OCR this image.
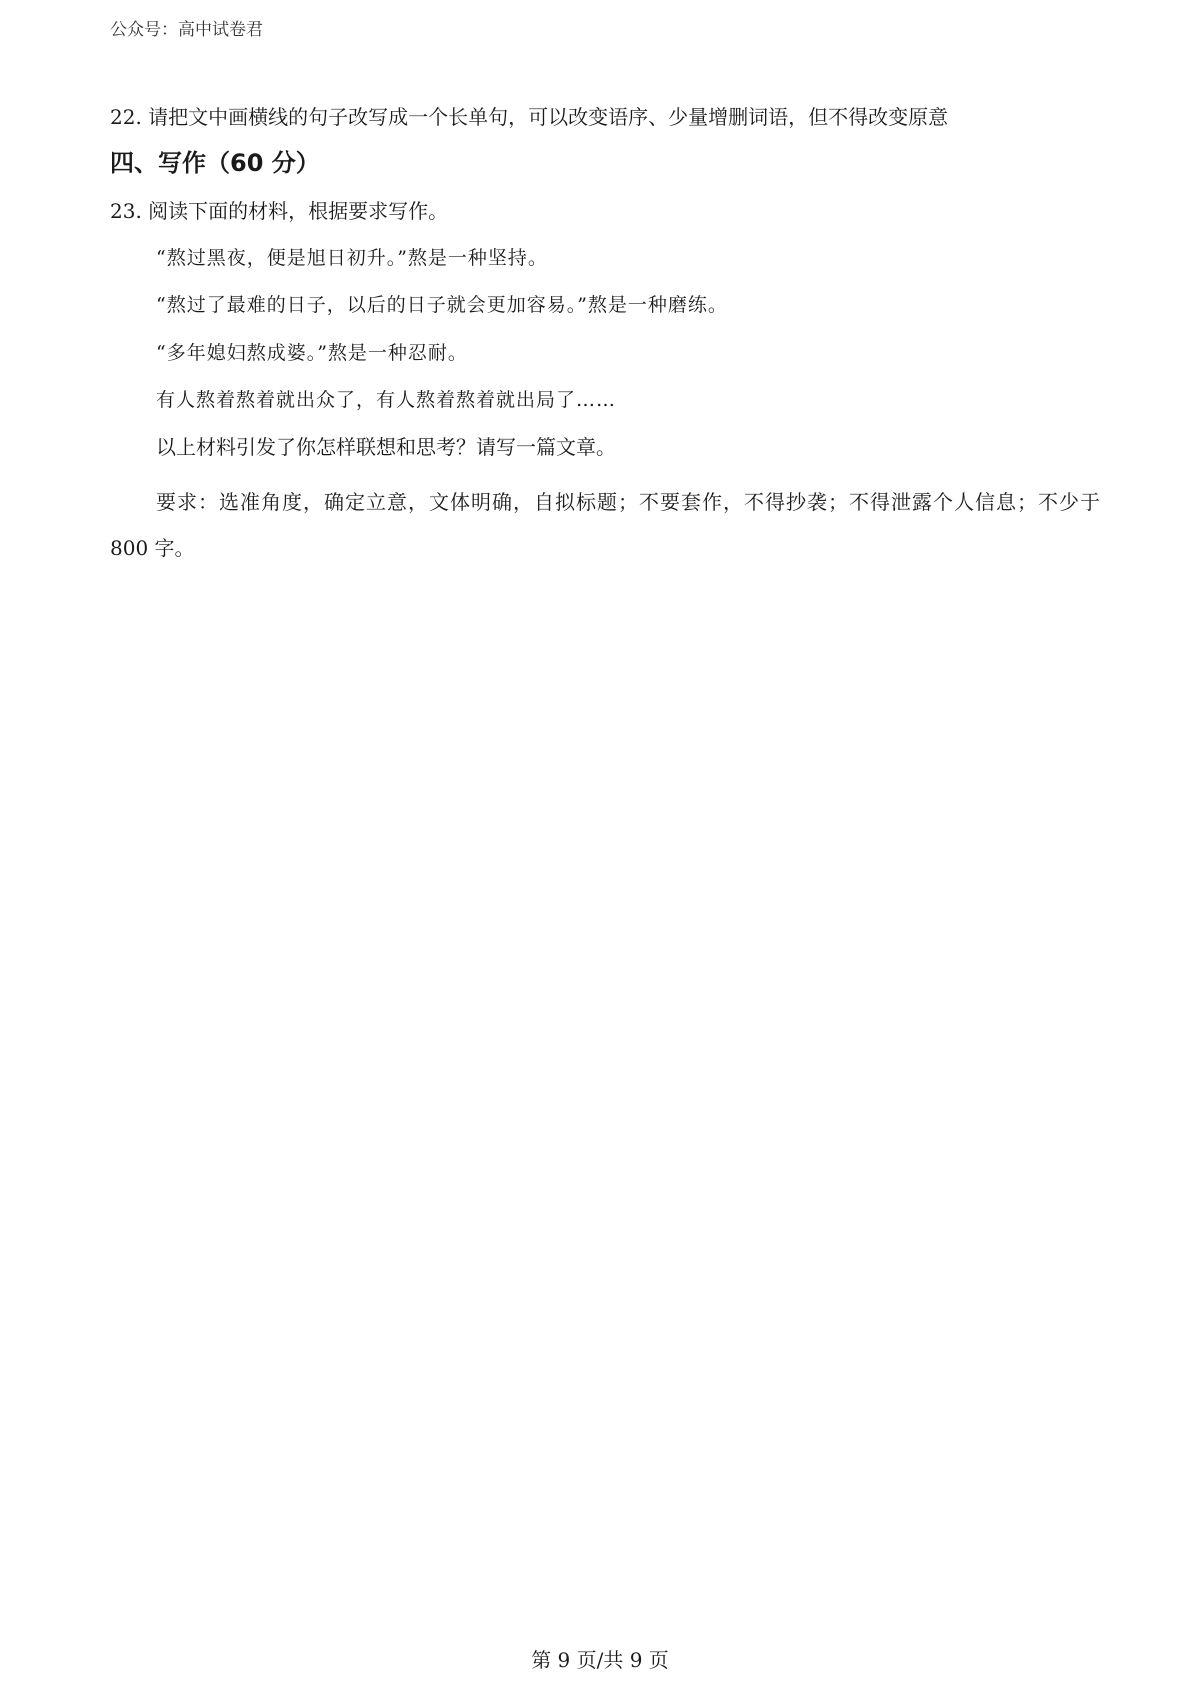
公众号：高中试卷君
22. 请把文中画横线的句子改写成一个长单句，可以改变语序、少量增删词语，但不得改变原意
四、写作（60 分）
23. 阅读下面的材料，根据要求写作。
“熬过黑夜，便是旭日初升。”熬是一种坚持。
“熬过了最难的日子，以后的日子就会更加容易。”熬是一种磨练。
“多年媳妇熬成婆。”熬是一种忍耐。
有人熬着熬着就出众了，有人熬着熬着就出局了……
以上材料引发了你怎样联想和思考？请写一篇文章。
要求：选准角度，确定立意，文体明确，自拟标题；不要套作，不得抄袭；不得泄露个人信息；不少于 800 字。
第 9 页/共 9 页
